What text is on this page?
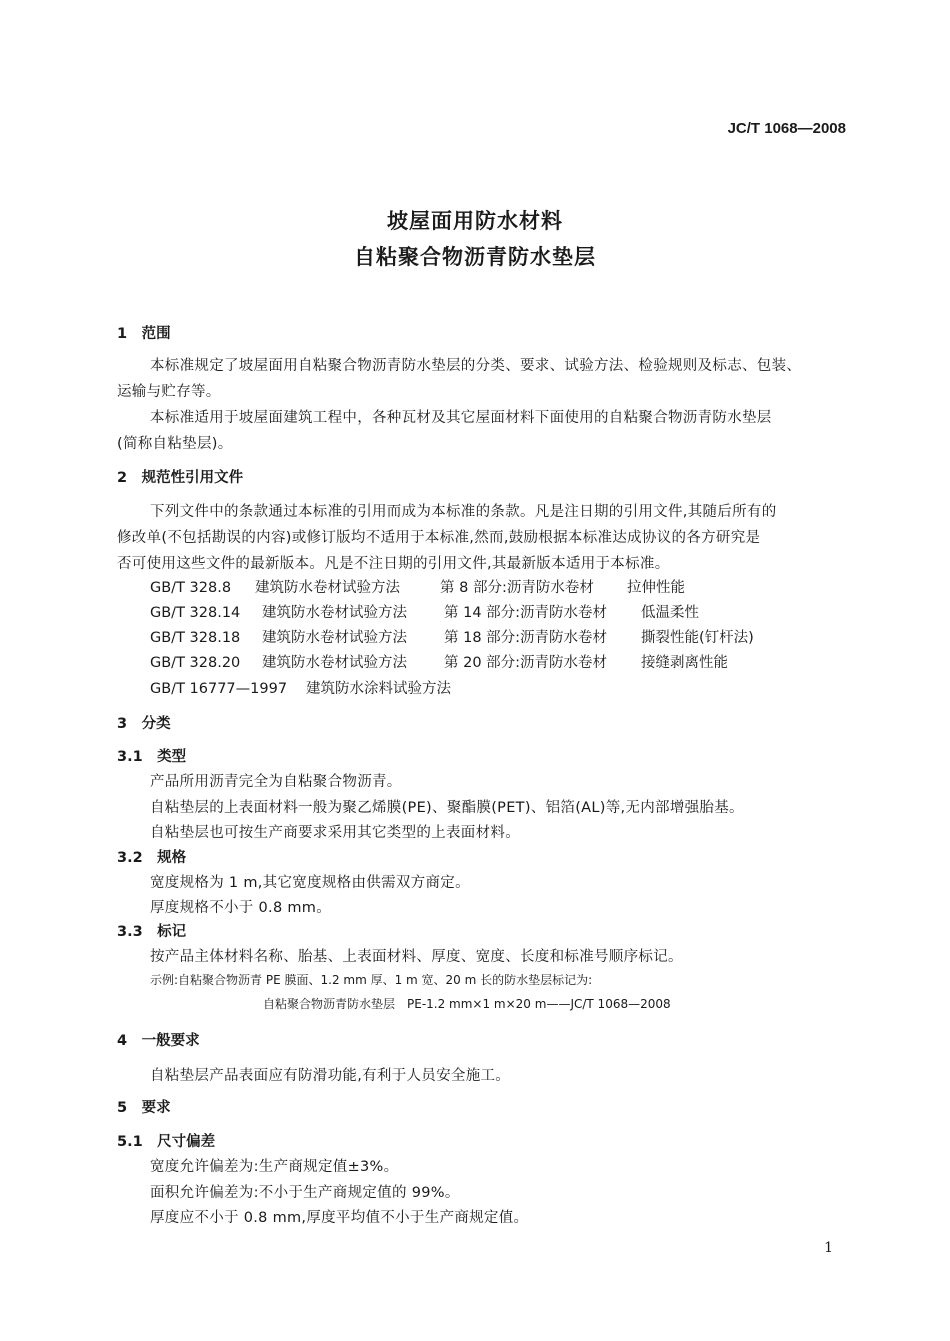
JC/T 1068—2008
坡屋面用防水材料
自粘聚合物沥青防水垫层
1　范围
本标准规定了坡屋面用自粘聚合物沥青防水垫层的分类、要求、试验方法、检验规则及标志、包装、
运输与贮存等。
本标准适用于坡屋面建筑工程中，各种瓦材及其它屋面材料下面使用的自粘聚合物沥青防水垫层
(简称自粘垫层)。
2　规范性引用文件
下列文件中的条款通过本标准的引用而成为本标准的条款。凡是注日期的引用文件,其随后所有的
修改单(不包括勘误的内容)或修订版均不适用于本标准,然而,鼓励根据本标准达成协议的各方研究是
否可使用这些文件的最新版本。凡是不注日期的引用文件,其最新版本适用于本标准。
GB/T 328.8 建筑防水卷材试验方法	第 8 部分:沥青防水卷材 拉伸性能
GB/T 328.14 建筑防水卷材试验方法	第 14 部分:沥青防水卷材 低温柔性
GB/T 328.18 建筑防水卷材试验方法	第 18 部分:沥青防水卷材 撕裂性能(钉杆法)
GB/T 328.20 建筑防水卷材试验方法	第 20 部分:沥青防水卷材 接缝剥离性能
GB/T 16777—1997 建筑防水涂料试验方法
3　分类
3.1　类型
产品所用沥青完全为自粘聚合物沥青。
自粘垫层的上表面材料一般为聚乙烯膜(PE)、聚酯膜(PET)、铝箔(AL)等,无内部增强胎基。
自粘垫层也可按生产商要求采用其它类型的上表面材料。
3.2　规格
宽度规格为 1 m,其它宽度规格由供需双方商定。
厚度规格不小于 0.8 mm。
3.3　标记
按产品主体材料名称、胎基、上表面材料、厚度、宽度、长度和标准号顺序标记。
示例:自粘聚合物沥青 PE 膜面、1.2 mm 厚、1 m 宽、20 m 长的防水垫层标记为:
自粘聚合物沥青防水垫层　PE-1.2 mm×1 m×20 m——JC/T 1068—2008
4　一般要求
自粘垫层产品表面应有防滑功能,有利于人员安全施工。
5　要求
5.1　尺寸偏差
宽度允许偏差为:生产商规定值±3%。
面积允许偏差为:不小于生产商规定值的 99%。
厚度应不小于 0.8 mm,厚度平均值不小于生产商规定值。
1
